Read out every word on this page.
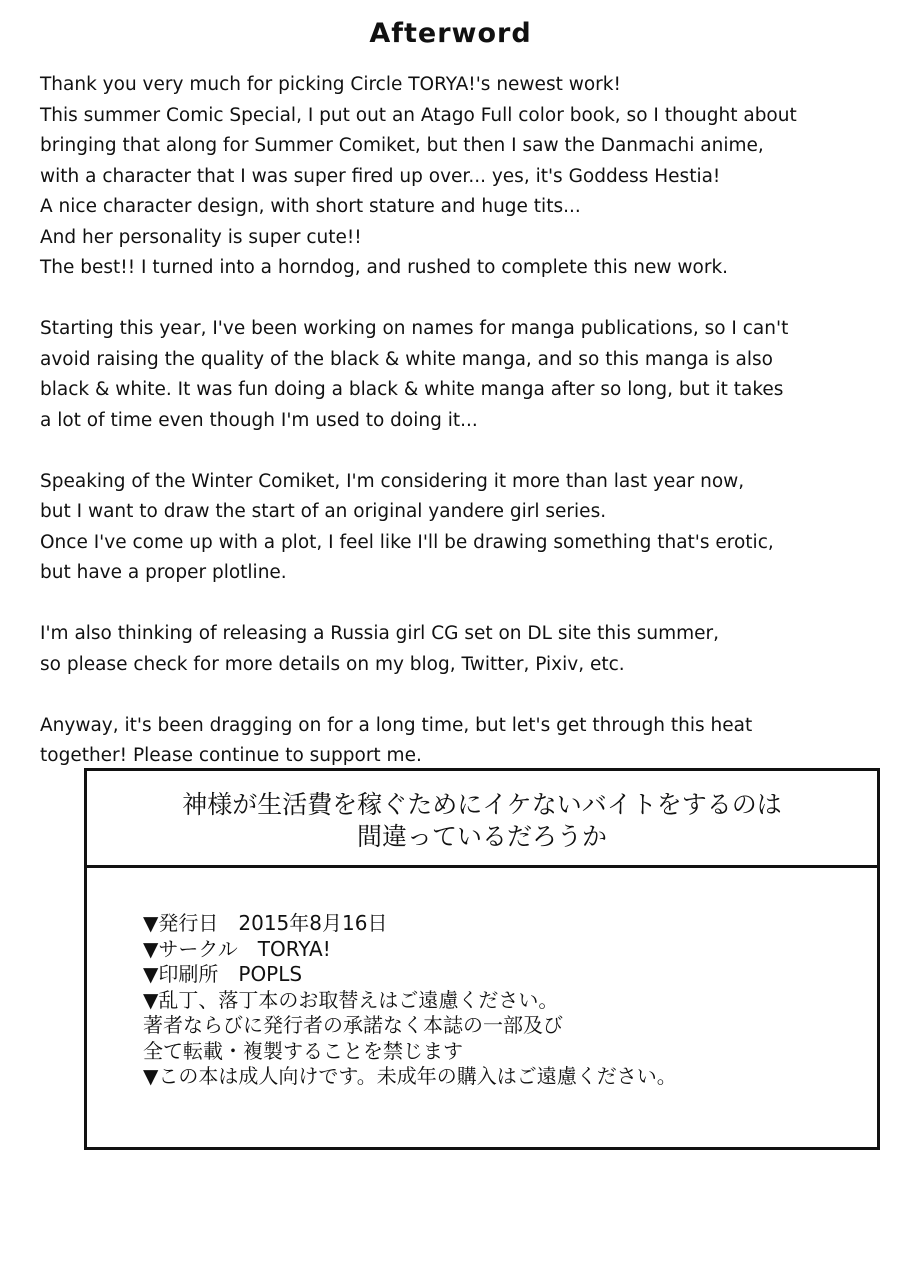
Afterword

Thank you very much for picking Circle TORYA!'s newest work!
This summer Comic Special, I put out an Atago Full color book, so I thought about
bringing that along for Summer Comiket, but then I saw the Danmachi anime,
with a character that I was super fired up over... yes, it's Goddess Hestia!
A nice character design, with short stature and huge tits...
And her personality is super cute!!
The best!! I turned into a horndog, and rushed to complete this new work.

Starting this year, I've been working on names for manga publications, so I can't
avoid raising the quality of the black & white manga, and so this manga is also
black & white. It was fun doing a black & white manga after so long, but it takes
a lot of time even though I'm used to doing it...

Speaking of the Winter Comiket, I'm considering it more than last year now,
but I want to draw the start of an original yandere girl series.
Once I've come up with a plot, I feel like I'll be drawing something that's erotic,
but have a proper plotline.

I'm also thinking of releasing a Russia girl CG set on DL site this summer,
so please check for more details on my blog, Twitter, Pixiv, etc.

Anyway, it's been dragging on for a long time, but let's get through this heat
together! Please continue to support me.

神様が生活費を稼ぐためにイケないバイトをするのは
間違っているだろうか
▼発行日　2015年8月16日
▼サークル　TORYA!
▼印刷所　POPLS
▼乱丁、落丁本のお取替えはご遠慮ください。
著者ならびに発行者の承諾なく本誌の一部及び
全て転載・複製することを禁じます
▼この本は成人向けです。未成年の購入はご遠慮ください。
